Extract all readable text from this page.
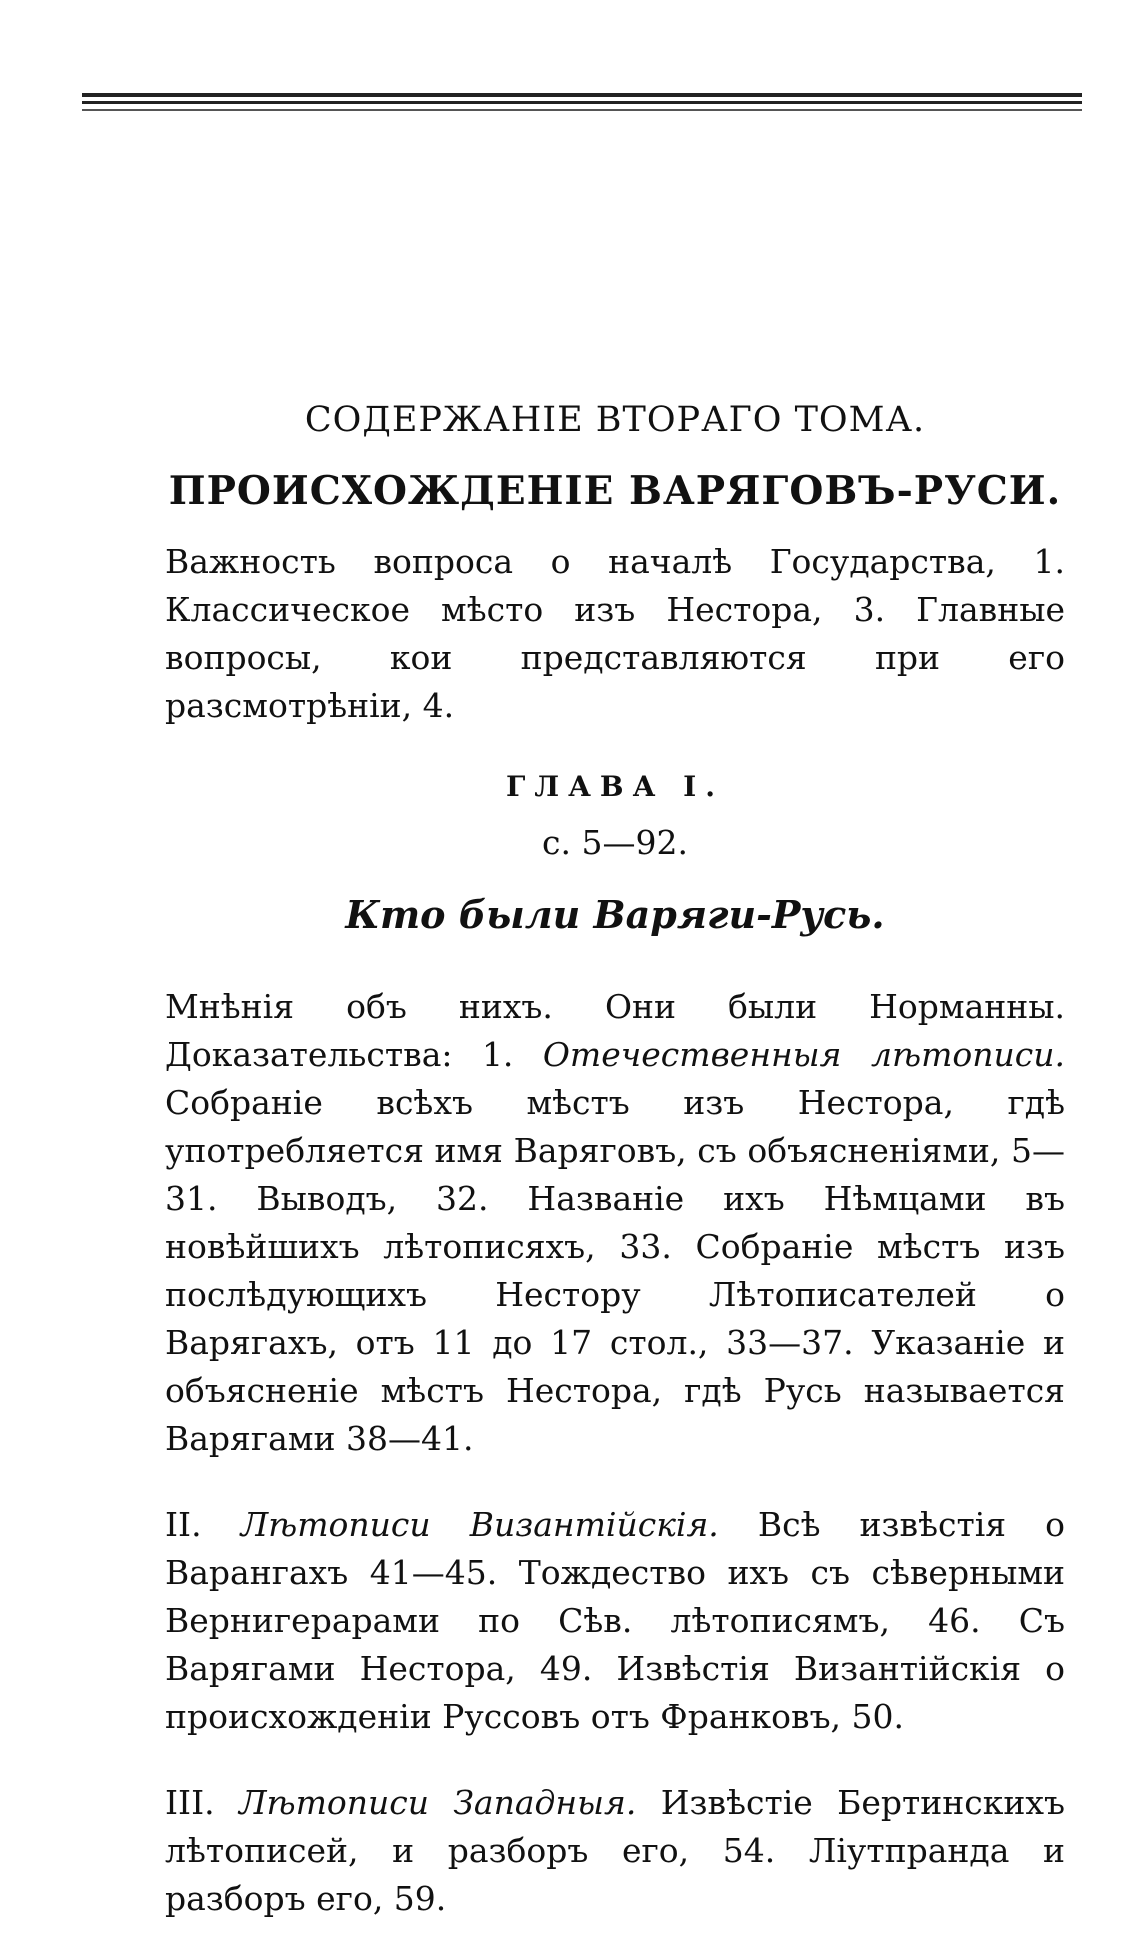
СОДЕРЖАНІЕ ВТОРАГО ТОМА.
ПРОИСХОЖДЕНІЕ ВАРЯГОВЪ-РУСИ.

Важность вопроса о началѣ Государства, 1. Классическое мѣсто изъ Нестора, 3. Главные вопросы, кои представляются при его разсмотрѣніи, 4.

ГЛАВА I.
с. 5—92.
Кто были Варяги-Русь.

Мнѣнія объ нихъ. Они были Норманны. Доказательства: 1. Отечественныя лѣтописи. Собраніе всѣхъ мѣстъ изъ Нестора, гдѣ употребляется имя Варяговъ, съ объясненіями, 5—31. Выводъ, 32. Названіе ихъ Нѣмцами въ новѣйшихъ лѣтописяхъ, 33. Собраніе мѣстъ изъ послѣдующихъ Нестору Лѣтописателей о Варягахъ, отъ 11 до 17 стол., 33—37. Указаніе и объясненіе мѣстъ Нестора, гдѣ Русь называется Варягами 38—41.

II. Лѣтописи Византійскія. Всѣ извѣстія о Варангахъ 41—45. Тождество ихъ съ сѣверными Вернигерарами по Сѣв. лѣтописямъ, 46. Съ Варягами Нестора, 49. Извѣстія Византійскія о происхожденіи Руссовъ отъ Франковъ, 50.

III. Лѣтописи Западныя. Извѣстіе Бертинскихъ лѣтописей, и разборъ его, 54. Ліутпранда и разборъ его, 59.
